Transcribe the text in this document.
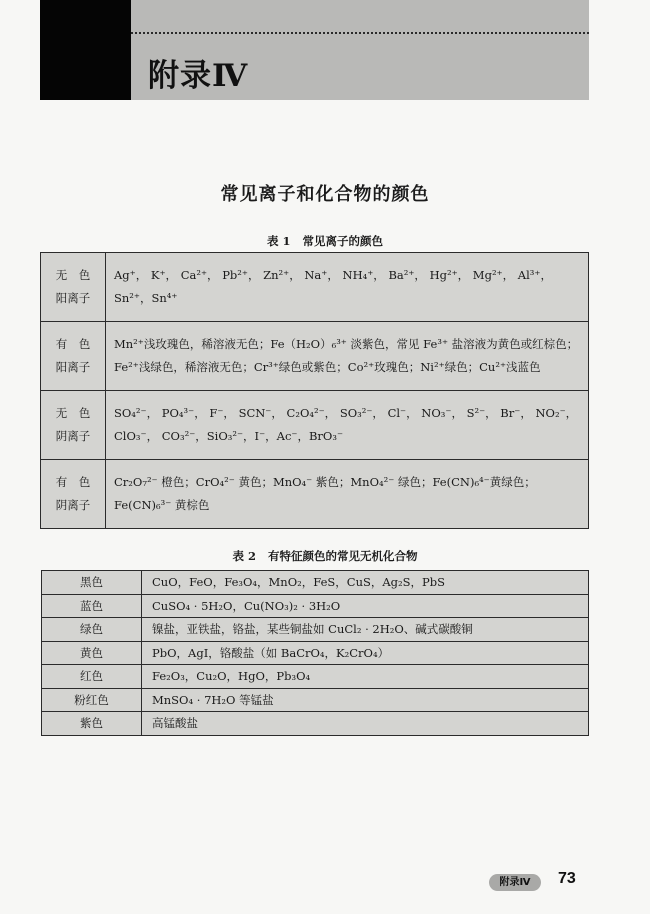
附录Ⅳ
常见离子和化合物的颜色
表 1 常见离子的颜色
无　色
阳离子	Ag⁺， K⁺， Ca²⁺， Pb²⁺， Zn²⁺， Na⁺， NH₄⁺， Ba²⁺， Hg²⁺， Mg²⁺， Al³⁺， Sn²⁺，Sn⁴⁺

有　色
阳离子	Mn²⁺浅玫瑰色，稀溶液无色；Fe（H₂O）₆³⁺ 淡紫色，常见 Fe³⁺ 盐溶液为黄色或红棕色；Fe²⁺浅绿色，稀溶液无色；Cr³⁺绿色或紫色；Co²⁺玫瑰色；Ni²⁺绿色；Cu²⁺浅蓝色

无　色
阴离子	SO₄²⁻， PO₄³⁻， F⁻， SCN⁻， C₂O₄²⁻， SO₃²⁻， Cl⁻， NO₃⁻， S²⁻， Br⁻， NO₂⁻， ClO₃⁻， CO₃²⁻，SiO₃²⁻，I⁻，Ac⁻，BrO₃⁻

有　色
阴离子	Cr₂O₇²⁻ 橙色；CrO₄²⁻ 黄色；MnO₄⁻ 紫色；MnO₄²⁻ 绿色；Fe(CN)₆⁴⁻黄绿色；Fe(CN)₆³⁻ 黄棕色
表 2 有特征颜色的常见无机化合物
黑色	CuO，FeO，Fe₃O₄，MnO₂，FeS，CuS，Ag₂S，PbS
蓝色	CuSO₄ · 5H₂O，Cu(NO₃)₂ · 3H₂O
绿色	镍盐，亚铁盐，铬盐，某些铜盐如 CuCl₂ · 2H₂O、碱式碳酸铜
黄色	PbO，AgI，铬酸盐（如 BaCrO₄，K₂CrO₄）
红色	Fe₂O₃，Cu₂O，HgO，Pb₃O₄
粉红色	MnSO₄ · 7H₂O 等锰盐
紫色	高锰酸盐
附录Ⅳ	73
